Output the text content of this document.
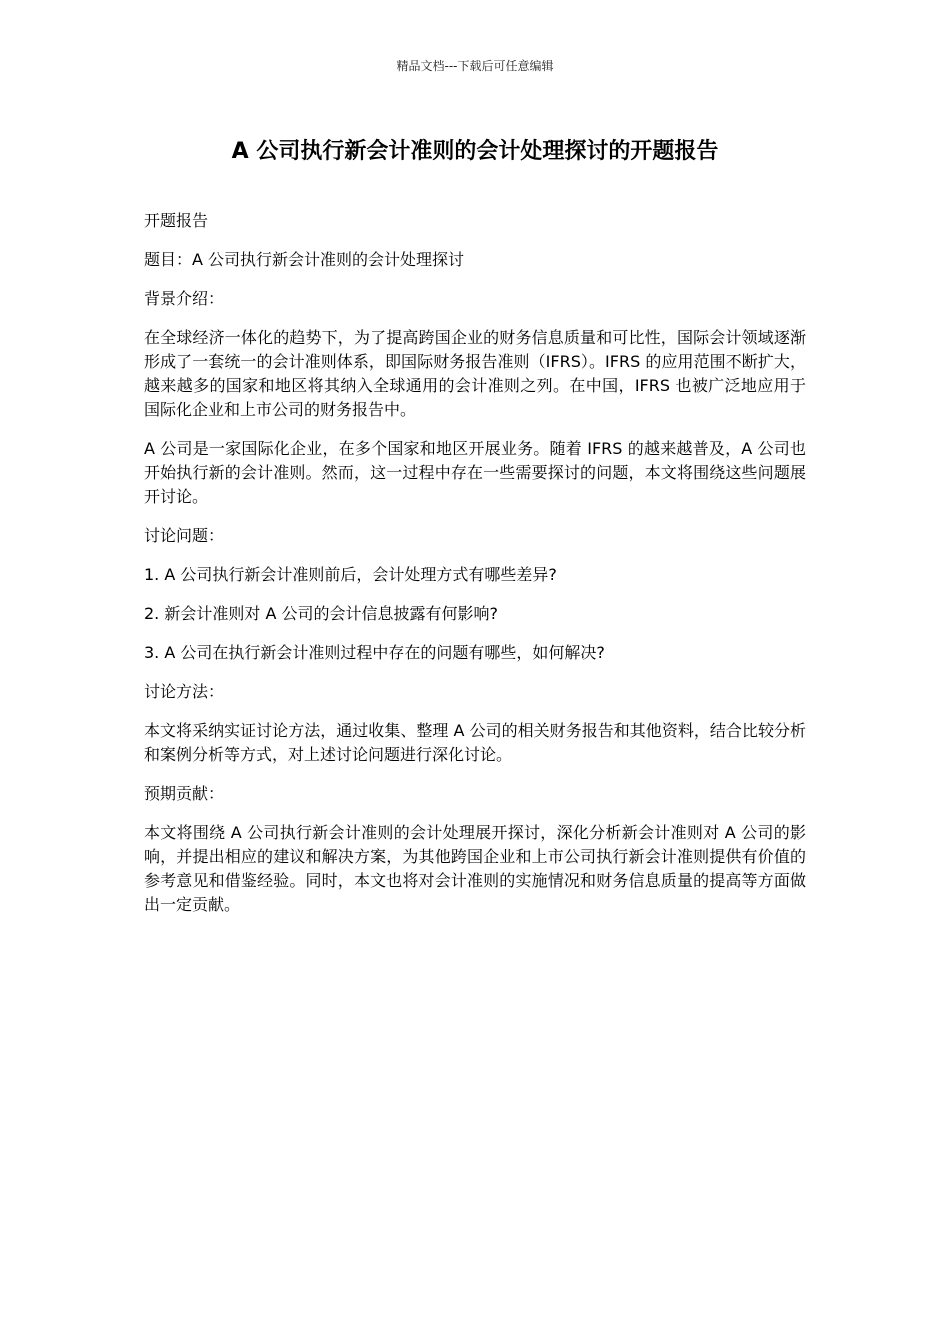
精品文档---下载后可任意编辑
A 公司执行新会计准则的会计处理探讨的开题报告

开题报告

题目：A 公司执行新会计准则的会计处理探讨

背景介绍：

在全球经济一体化的趋势下，为了提高跨国企业的财务信息质量和可比性，国际会计领域逐渐形成了一套统一的会计准则体系，即国际财务报告准则（IFRS）。IFRS 的应用范围不断扩大，越来越多的国家和地区将其纳入全球通用的会计准则之列。在中国，IFRS 也被广泛地应用于国际化企业和上市公司的财务报告中。

A 公司是一家国际化企业，在多个国家和地区开展业务。随着 IFRS 的越来越普及，A 公司也开始执行新的会计准则。然而，这一过程中存在一些需要探讨的问题，本文将围绕这些问题展开讨论。

讨论问题：

1. A 公司执行新会计准则前后，会计处理方式有哪些差异?

2. 新会计准则对 A 公司的会计信息披露有何影响?

3. A 公司在执行新会计准则过程中存在的问题有哪些，如何解决?

讨论方法：

本文将采纳实证讨论方法，通过收集、整理 A 公司的相关财务报告和其他资料，结合比较分析和案例分析等方式，对上述讨论问题进行深化讨论。

预期贡献：

本文将围绕 A 公司执行新会计准则的会计处理展开探讨，深化分析新会计准则对 A 公司的影响，并提出相应的建议和解决方案，为其他跨国企业和上市公司执行新会计准则提供有价值的参考意见和借鉴经验。同时，本文也将对会计准则的实施情况和财务信息质量的提高等方面做出一定贡献。
